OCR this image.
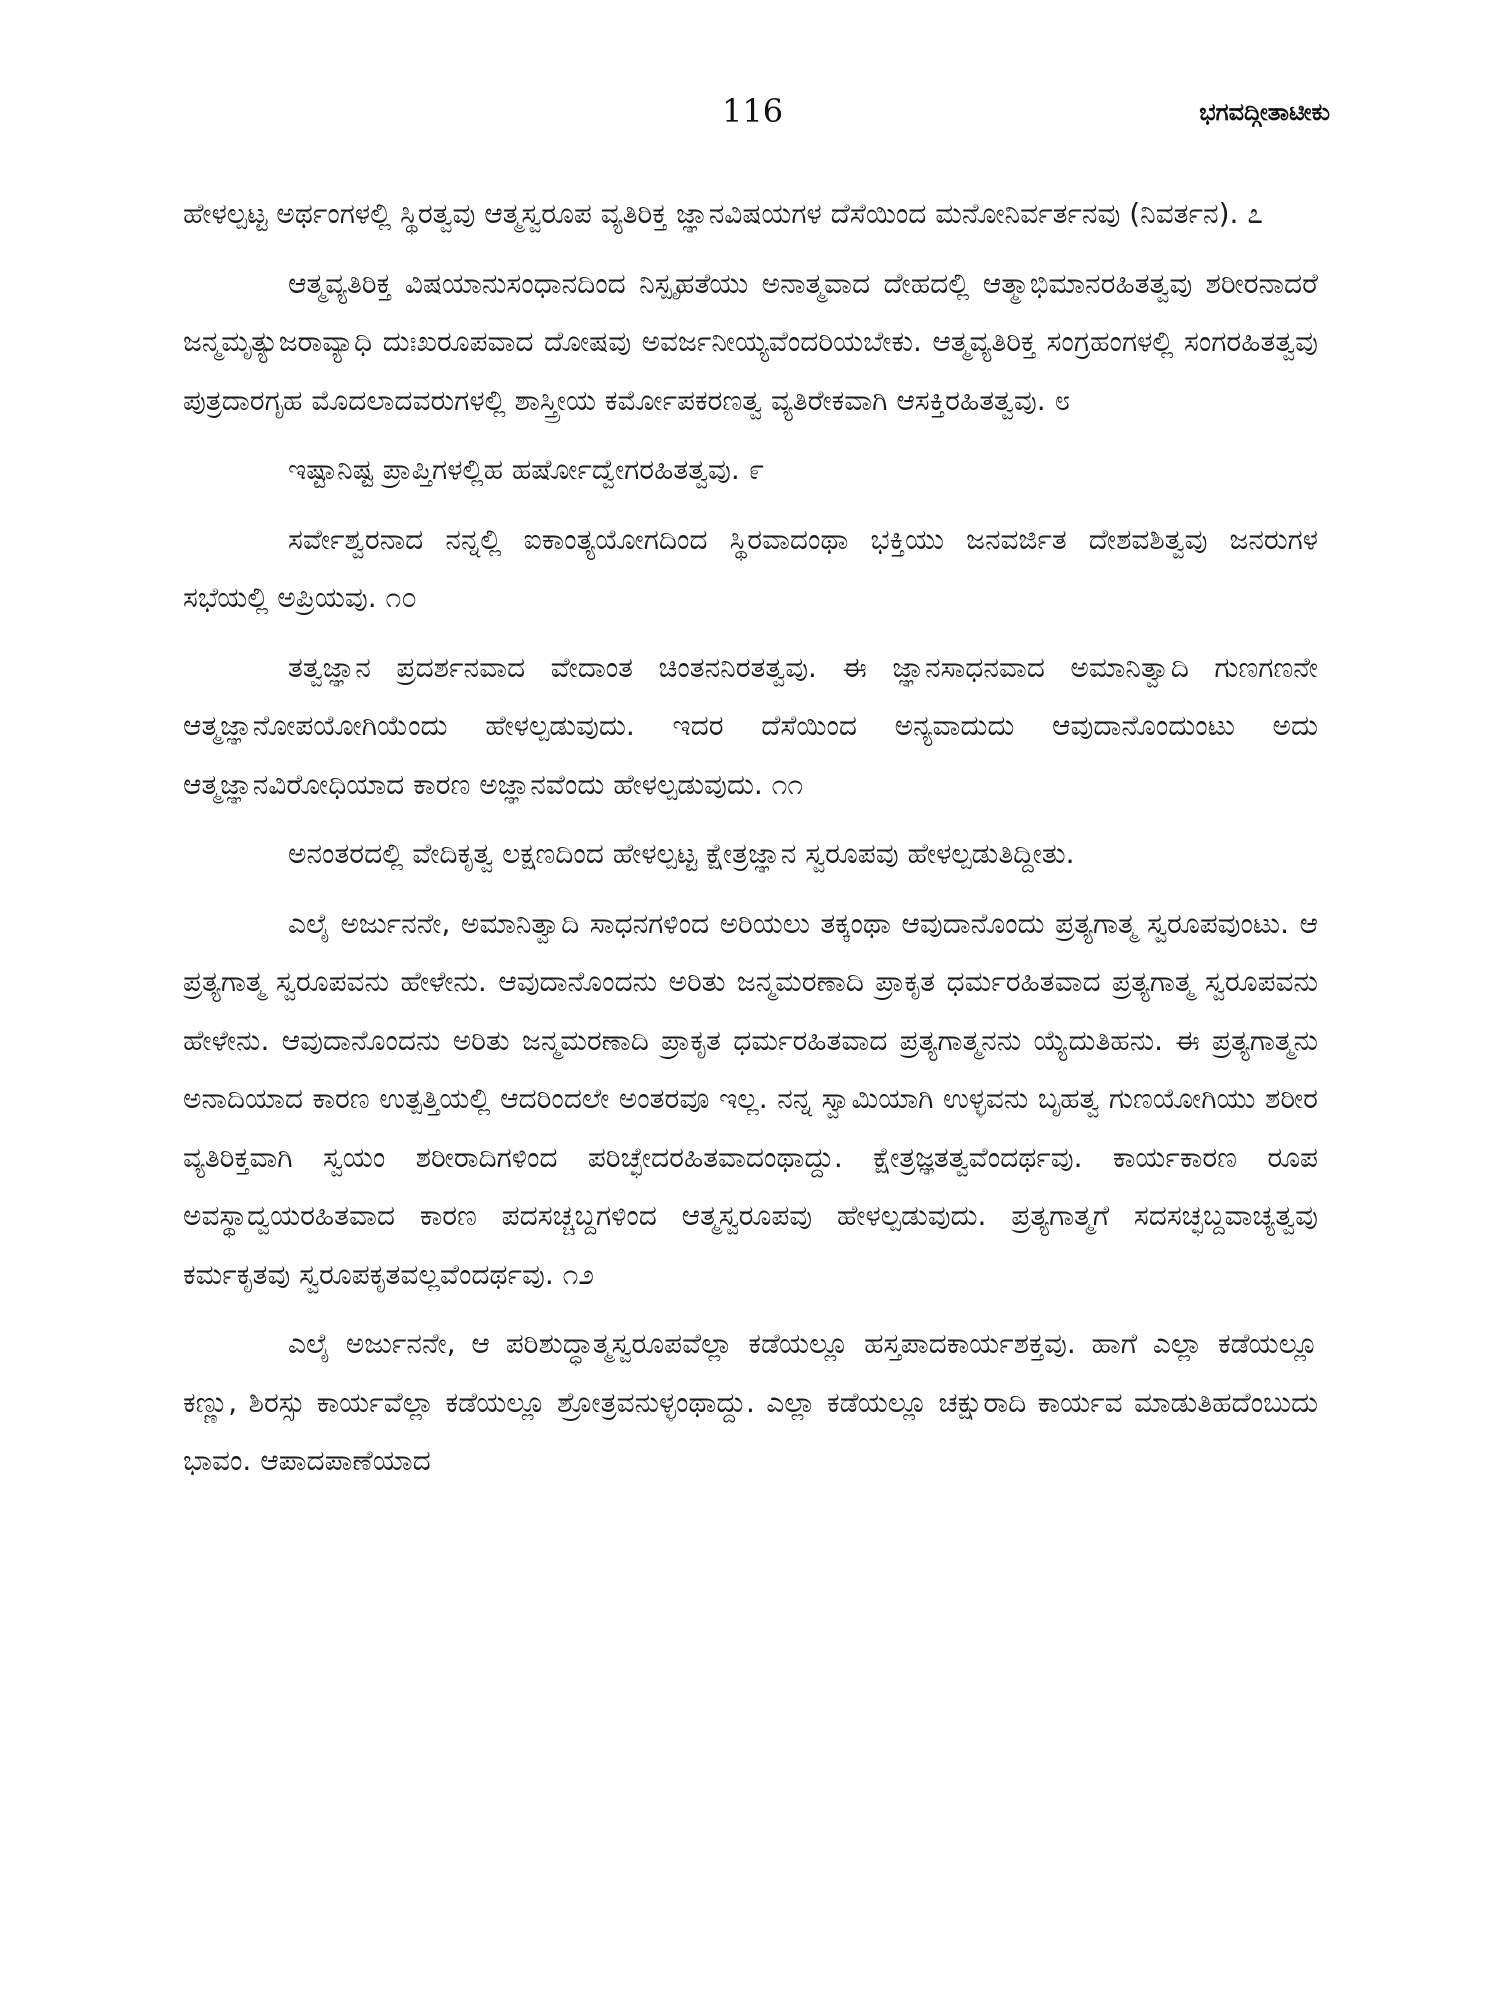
116	ಭಗವದ್ಗೀತಾಟೀಕು

ಹೇಳಲ್ಪಟ್ಟ ಅರ್ಥಂಗಳಲ್ಲಿ ಸ್ಥಿರತ್ವವು ಆತ್ಮಸ್ವರೂಪ ವ್ಯತಿರಿಕ್ತ ಜ್ಞಾನವಿಷಯಗಳ ದೆಸೆಯಿಂದ ಮನೋನಿರ್ವರ್ತನವು (ನಿವರ್ತನ). ೭

ಆತ್ಮವ್ಯತಿರಿಕ್ತ ವಿಷಯಾನುಸಂಧಾನದಿಂದ ನಿಸ್ಪೃಹತೆಯು ಅನಾತ್ಮವಾದ ದೇಹದಲ್ಲಿ ಆತ್ಮಾಭಿಮಾನರಹಿತತ್ವವು ಶರೀರನಾದರೆ ಜನ್ಮಮೃತ್ಯುಜರಾವ್ಯಾಧಿ ದುಃಖರೂಪವಾದ ದೋಷವು ಅವರ್ಜನೀಯ್ಯವೆಂದರಿಯಬೇಕು. ಆತ್ಮವ್ಯತಿರಿಕ್ತ ಸಂಗ್ರಹಂಗಳಲ್ಲಿ ಸಂಗರಹಿತತ್ವವು ಪುತ್ರದಾರಗೃಹ ಮೊದಲಾದವರುಗಳಲ್ಲಿ ಶಾಸ್ತ್ರೀಯ ಕರ್ಮೋಪಕರಣತ್ವ ವ್ಯತಿರೇಕವಾಗಿ ಆಸಕ್ತಿರಹಿತತ್ವವು. ೮

ಇಷ್ಟಾನಿಷ್ಟ ಪ್ರಾಪ್ತಿಗಳಲ್ಲಿಹ ಹರ್ಷೋದ್ವೇಗರಹಿತತ್ವವು. ೯

ಸರ್ವೇಶ್ವರನಾದ ನನ್ನಲ್ಲಿ ಐಕಾಂತ್ಯಯೋಗದಿಂದ ಸ್ಥಿರವಾದಂಥಾ ಭಕ್ತಿಯು ಜನವರ್ಜಿತ ದೇಶವಶಿತ್ವವು ಜನರುಗಳ ಸಭೆಯಲ್ಲಿ ಅಪ್ರಿಯವು. ೧೦

ತತ್ವಜ್ಞಾನ ಪ್ರದರ್ಶನವಾದ ವೇದಾಂತ ಚಿಂತನನಿರತತ್ವವು. ಈ ಜ್ಞಾನಸಾಧನವಾದ ಅಮಾನಿತ್ವಾದಿ ಗುಣಗಣನೇ ಆತ್ಮಜ್ಞಾನೋಪಯೋಗಿಯೆಂದು ಹೇಳಲ್ಪಡುವುದು. ಇದರ ದೆಸೆಯಿಂದ ಅನ್ಯವಾದುದು ಆವುದಾನೊಂದುಂಟು ಅದು ಆತ್ಮಜ್ಞಾನವಿರೋಧಿಯಾದ ಕಾರಣ ಅಜ್ಞಾನವೆಂದು ಹೇಳಲ್ಪಡುವುದು. ೧೧

ಅನಂತರದಲ್ಲಿ ವೇದಿಕೃತ್ವ ಲಕ್ಷಣದಿಂದ ಹೇಳಲ್ಪಟ್ಟ ಕ್ಷೇತ್ರಜ್ಞಾನ ಸ್ವರೂಪವು ಹೇಳಲ್ಪಡುತಿದ್ದೀತು.

ಎಲೈ ಅರ್ಜುನನೇ, ಅಮಾನಿತ್ವಾದಿ ಸಾಧನಗಳಿಂದ ಅರಿಯಲು ತಕ್ಕಂಥಾ ಆವುದಾನೊಂದು ಪ್ರತ್ಯಗಾತ್ಮ ಸ್ವರೂಪವುಂಟು. ಆ ಪ್ರತ್ಯಗಾತ್ಮ ಸ್ವರೂಪವನು ಹೇಳೇನು. ಆವುದಾನೊಂದನು ಅರಿತು ಜನ್ಮಮರಣಾದಿ ಪ್ರಾಕೃತ ಧರ್ಮರಹಿತವಾದ ಪ್ರತ್ಯಗಾತ್ಮ ಸ್ವರೂಪವನು ಹೇಳೇನು. ಆವುದಾನೊಂದನು ಅರಿತು ಜನ್ಮಮರಣಾದಿ ಪ್ರಾಕೃತ ಧರ್ಮರಹಿತವಾದ ಪ್ರತ್ಯಗಾತ್ಮನನು ಯ್ಯೆದುತಿಹನು. ಈ ಪ್ರತ್ಯಗಾತ್ಮನು ಅನಾದಿಯಾದ ಕಾರಣ ಉತ್ಪತ್ತಿಯಲ್ಲಿ ಆದರಿಂದಲೇ ಅಂತರವೂ ಇಲ್ಲ. ನನ್ನ ಸ್ವಾಮಿಯಾಗಿ ಉಳ್ಳವನು ಬೃಹತ್ವ ಗುಣಯೋಗಿಯು ಶರೀರ ವ್ಯತಿರಿಕ್ತವಾಗಿ ಸ್ವಯಂ ಶರೀರಾದಿಗಳಿಂದ ಪರಿಚ್ಛೇದರಹಿತವಾದಂಥಾದ್ದು. ಕ್ಷೇತ್ರಜ್ಞತತ್ವವೆಂದರ್ಥವು. ಕಾರ್ಯಕಾರಣ ರೂಪ ಅವಸ್ಥಾದ್ವಯರಹಿತವಾದ ಕಾರಣ ಪದಸಚ್ಚಬ್ದಗಳಿಂದ ಆತ್ಮಸ್ವರೂಪವು ಹೇಳಲ್ಪಡುವುದು. ಪ್ರತ್ಯಗಾತ್ಮಗೆ ಸದಸಚ್ಛಬ್ದವಾಚ್ಯತ್ವವು ಕರ್ಮಕೃತವು ಸ್ವರೂಪಕೃತವಲ್ಲವೆಂದರ್ಥವು. ೧೨

ಎಲೈ ಅರ್ಜುನನೇ, ಆ ಪರಿಶುದ್ಧಾತ್ಮಸ್ವರೂಪವೆಲ್ಲಾ ಕಡೆಯಲ್ಲೂ ಹಸ್ತಪಾದಕಾರ್ಯಶಕ್ತವು. ಹಾಗೆ ಎಲ್ಲಾ ಕಡೆಯಲ್ಲೂ ಕಣ್ಣು, ಶಿರಸ್ಸು ಕಾರ್ಯವೆಲ್ಲಾ ಕಡೆಯಲ್ಲೂ ಶ್ರೋತ್ರವನುಳ್ಳಂಥಾದ್ದು. ಎಲ್ಲಾ ಕಡೆಯಲ್ಲೂ ಚಕ್ಷುರಾದಿ ಕಾರ್ಯವ ಮಾಡುತಿಹದೆಂಬುದು ಭಾವಂ. ಆಪಾದಪಾಣೆಯಾದ
